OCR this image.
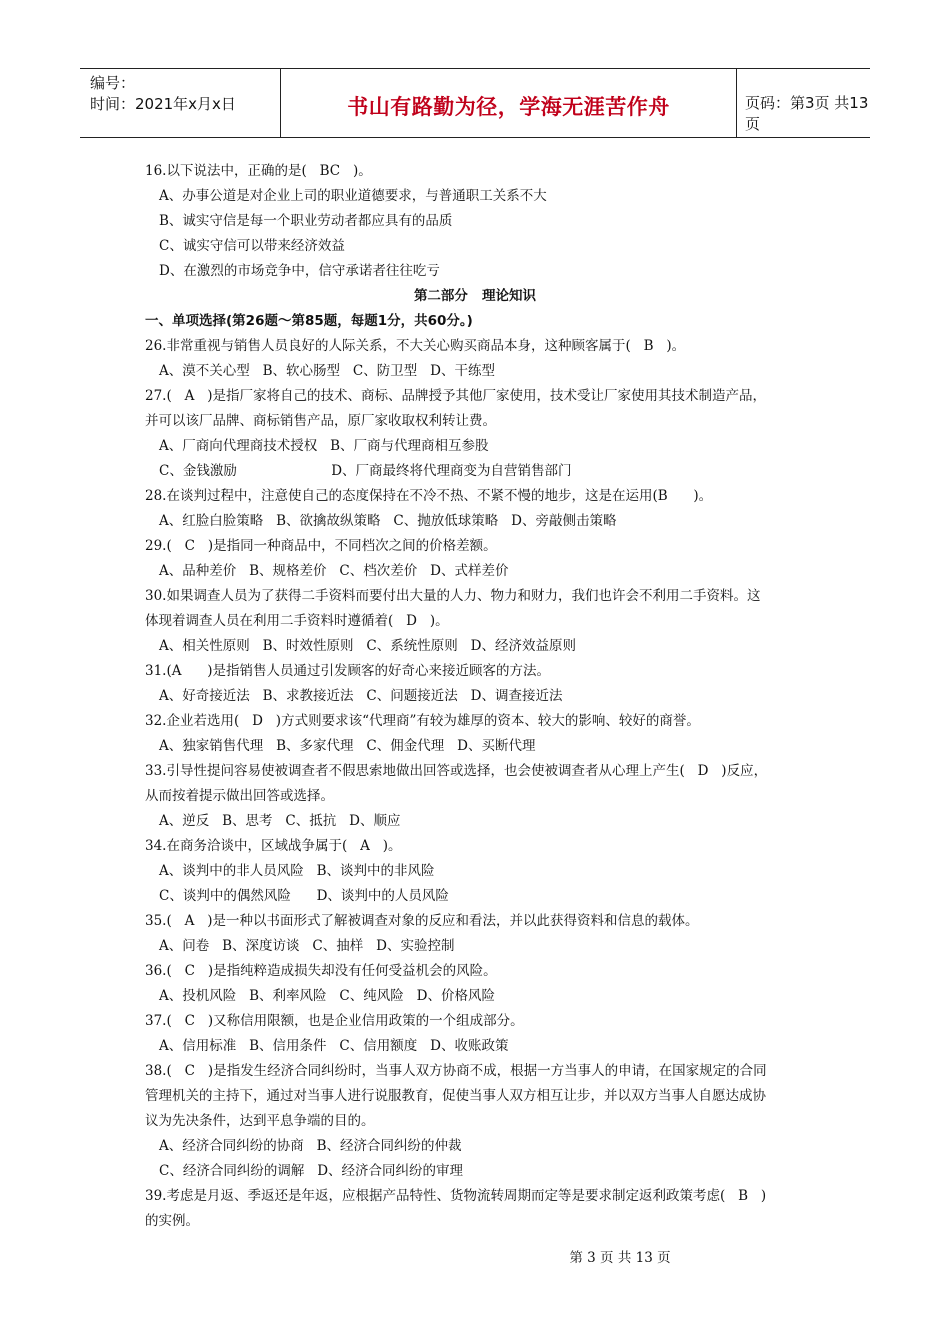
编号：
时间：2021年x月x日	书山有路勤为径，学海无涯苦作舟	页码：第3页 共13页
16.以下说法中，正确的是(   BC   )。
A、办事公道是对企业上司的职业道德要求，与普通职工关系不大
B、诚实守信是每一个职业劳动者都应具有的品质
C、诚实守信可以带来经济效益
D、在激烈的市场竞争中，信守承诺者往往吃亏
第二部分   理论知识
一、单项选择(第26题～第85题，每题1分，共60分。)
26.非常重视与销售人员良好的人际关系，不大关心购买商品本身，这种顾客属于(   B   )。
A、漠不关心型   B、软心肠型   C、防卫型   D、干练型
27.(   A   )是指厂家将自己的技术、商标、品牌授予其他厂家使用，技术受让厂家使用其技术制造产品，
并可以该厂品牌、商标销售产品，原厂家收取权利转让费。
A、厂商向代理商技术授权   B、厂商与代理商相互参股
C、金钱激励                      D、厂商最终将代理商变为自营销售部门
28.在谈判过程中，注意使自己的态度保持在不冷不热、不紧不慢的地步，这是在运用(B      )。
A、红脸白脸策略   B、欲擒故纵策略   C、抛放低球策略   D、旁敲侧击策略
29.(   C   )是指同一种商品中，不同档次之间的价格差额。
A、品种差价   B、规格差价   C、档次差价   D、式样差价
30.如果调查人员为了获得二手资料而要付出大量的人力、物力和财力，我们也许会不利用二手资料。这
体现着调查人员在利用二手资料时遵循着(   D   )。
A、相关性原则   B、时效性原则   C、系统性原则   D、经济效益原则
31.(A      )是指销售人员通过引发顾客的好奇心来接近顾客的方法。
A、好奇接近法   B、求教接近法   C、问题接近法   D、调查接近法
32.企业若选用(   D   )方式则要求该“代理商”有较为雄厚的资本、较大的影响、较好的商誉。
A、独家销售代理   B、多家代理   C、佣金代理   D、买断代理
33.引导性提问容易使被调查者不假思索地做出回答或选择，也会使被调查者从心理上产生(   D   )反应，
从而按着提示做出回答或选择。
A、逆反   B、思考   C、抵抗   D、顺应
34.在商务洽谈中，区域战争属于(   A   )。
A、谈判中的非人员风险   B、谈判中的非风险
C、谈判中的偶然风险      D、谈判中的人员风险
35.(   A   )是一种以书面形式了解被调查对象的反应和看法，并以此获得资料和信息的载体。
A、问卷   B、深度访谈   C、抽样   D、实验控制
36.(   C   )是指纯粹造成损失却没有任何受益机会的风险。
A、投机风险   B、利率风险   C、纯风险   D、价格风险
37.(   C   )又称信用限额，也是企业信用政策的一个组成部分。
A、信用标准   B、信用条件   C、信用额度   D、收账政策
38.(   C   )是指发生经济合同纠纷时，当事人双方协商不成，根据一方当事人的申请，在国家规定的合同
管理机关的主持下，通过对当事人进行说服教育，促使当事人双方相互让步，并以双方当事人自愿达成协
议为先决条件，达到平息争端的目的。
A、经济合同纠纷的协商   B、经济合同纠纷的仲裁
C、经济合同纠纷的调解   D、经济合同纠纷的审理
39.考虑是月返、季返还是年返，应根据产品特性、货物流转周期而定等是要求制定返利政策考虑(   B   )
的实例。
第 3 页 共 13 页
